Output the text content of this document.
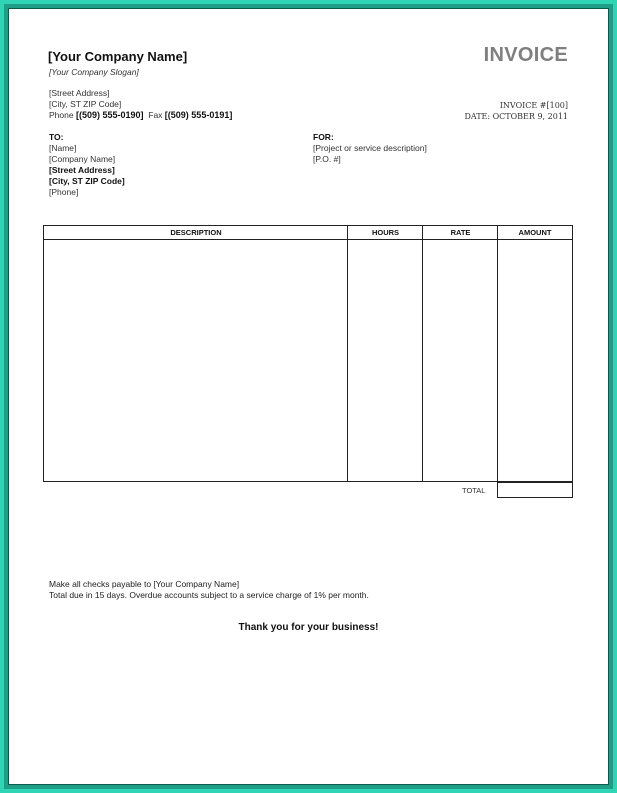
[Your Company Name]
[Your Company Slogan]
INVOICE
[Street Address]
[City, ST ZIP Code]
Phone [(509) 555-0190] Fax [(509) 555-0191]
INVOICE #[100]
DATE: OCTOBER 9, 2011
TO:
[Name]
[Company Name]
[Street Address]
[City, ST ZIP Code]
[Phone]
FOR:
[Project or service description]
[P.O. #]
DESCRIPTION	HOURS	RATE	AMOUNT
TOTAL
Make all checks payable to [Your Company Name]
Total due in 15 days. Overdue accounts subject to a service charge of 1% per month.
Thank you for your business!
